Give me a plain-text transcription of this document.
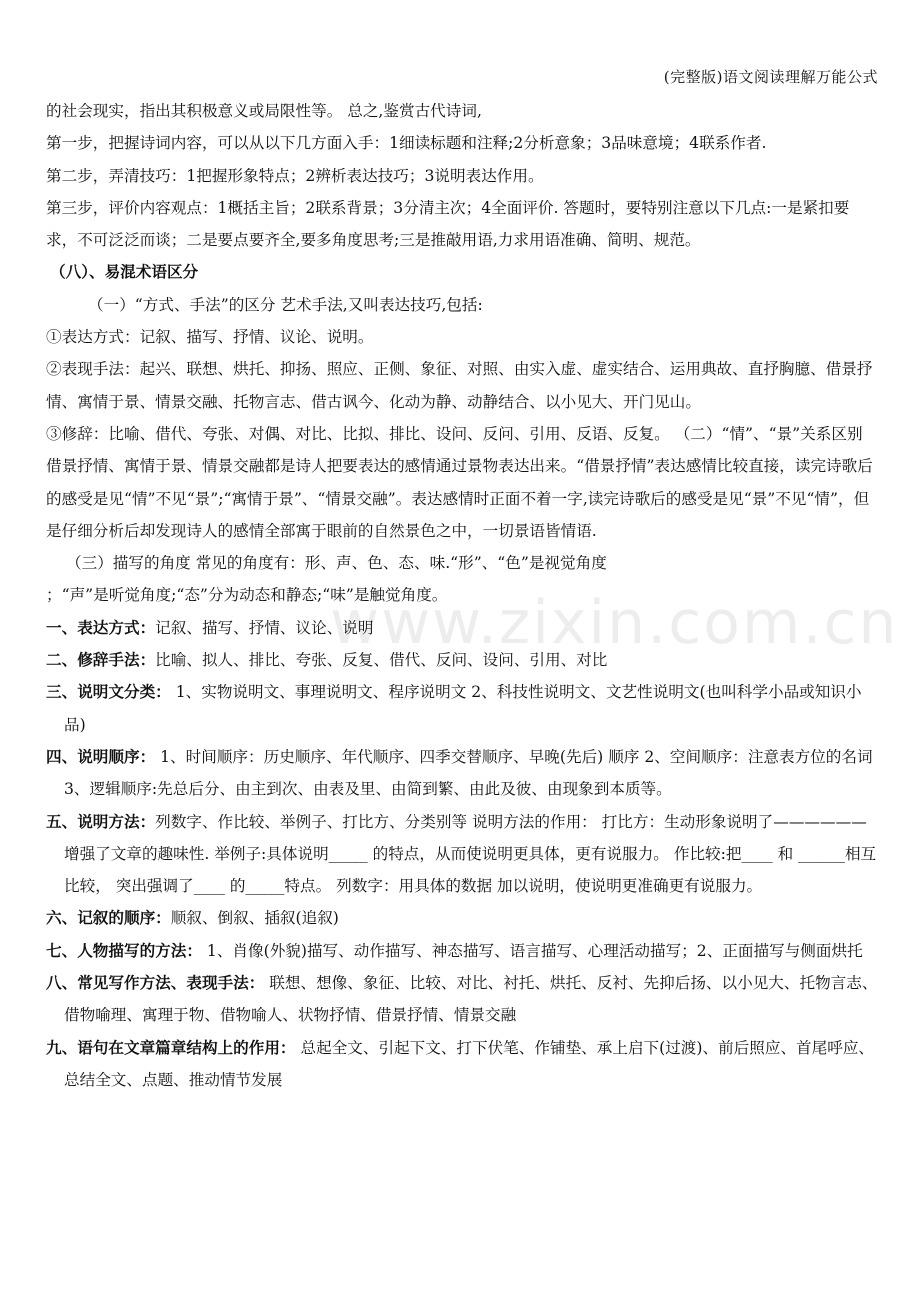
(完整版)语文阅读理解万能公式
www.zixin.com.cn

的社会现实，指出其积极意义或局限性等。 总之,鉴赏古代诗词,

第一步，把握诗词内容，可以从以下几方面入手：1细读标题和注释;2分析意象；3品味意境；4联系作者.

第二步，弄清技巧：1把握形象特点；2辨析表达技巧；3说明表达作用。

第三步，评价内容观点：1概括主旨；2联系背景；3分清主次；4全面评价. 答题时，要特别注意以下几点:一是紧扣要求，不可泛泛而谈；二是要点要齐全,要多角度思考;三是推敲用语,力求用语准确、简明、规范。

（八）、易混术语区分

（一）“方式、手法”的区分 艺术手法,又叫表达技巧,包括:

①表达方式：记叙、描写、抒情、议论、说明。

②表现手法：起兴、联想、烘托、抑扬、照应、正侧、象征、对照、由实入虚、虚实结合、运用典故、直抒胸臆、借景抒情、寓情于景、情景交融、托物言志、借古讽今、化动为静、动静结合、以小见大、开门见山。

③修辞：比喻、借代、夸张、对偶、对比、比拟、排比、设问、反问、引用、反语、反复。 （二）“情”、“景”关系区别 借景抒情、寓情于景、情景交融都是诗人把要表达的感情通过景物表达出来。“借景抒情”表达感情比较直接，读完诗歌后的感受是见“情”不见“景”;“寓情于景”、“情景交融”。表达感情时正面不着一字,读完诗歌后的感受是见“景”不见“情”，但是仔细分析后却发现诗人的感情全部寓于眼前的自然景色之中，一切景语皆情语.

（三）描写的角度 常见的角度有：形、声、色、态、味.“形”、“色”是视觉角度

；“声”是听觉角度;“态”分为动态和静态;“味”是触觉角度。

一、表达方式：记叙、描写、抒情、议论、说明

二、修辞手法：比喻、拟人、排比、夸张、反复、借代、反问、设问、引用、对比

三、说明文分类： 1、实物说明文、事理说明文、程序说明文 2、科技性说明文、文艺性说明文(也叫科学小品或知识小品)

四、说明顺序： 1、时间顺序：历史顺序、年代顺序、四季交替顺序、早晚(先后) 顺序 2、空间顺序：注意表方位的名词 3、逻辑顺序:先总后分、由主到次、由表及里、由简到繁、由此及彼、由现象到本质等。

五、说明方法：列数字、作比较、举例子、打比方、分类别等 说明方法的作用： 打比方：生动形象说明了—————— 增强了文章的趣味性. 举例子:具体说明_____ 的特点，从而使说明更具体，更有说服力。 作比较:把____ 和 ______相互比较， 突出强调了____ 的_____特点。 列数字：用具体的数据 加以说明，使说明更准确更有说服力。

六、记叙的顺序：顺叙、倒叙、插叙(追叙)

七、人物描写的方法： 1、肖像(外貌)描写、动作描写、神态描写、语言描写、心理活动描写；2、正面描写与侧面烘托

八、常见写作方法、表现手法： 联想、想像、象征、比较、对比、衬托、烘托、反衬、先抑后扬、以小见大、托物言志、借物喻理、寓理于物、借物喻人、状物抒情、借景抒情、情景交融

九、语句在文章篇章结构上的作用： 总起全文、引起下文、打下伏笔、作铺垫、承上启下(过渡)、前后照应、首尾呼应、总结全文、点题、推动情节发展
